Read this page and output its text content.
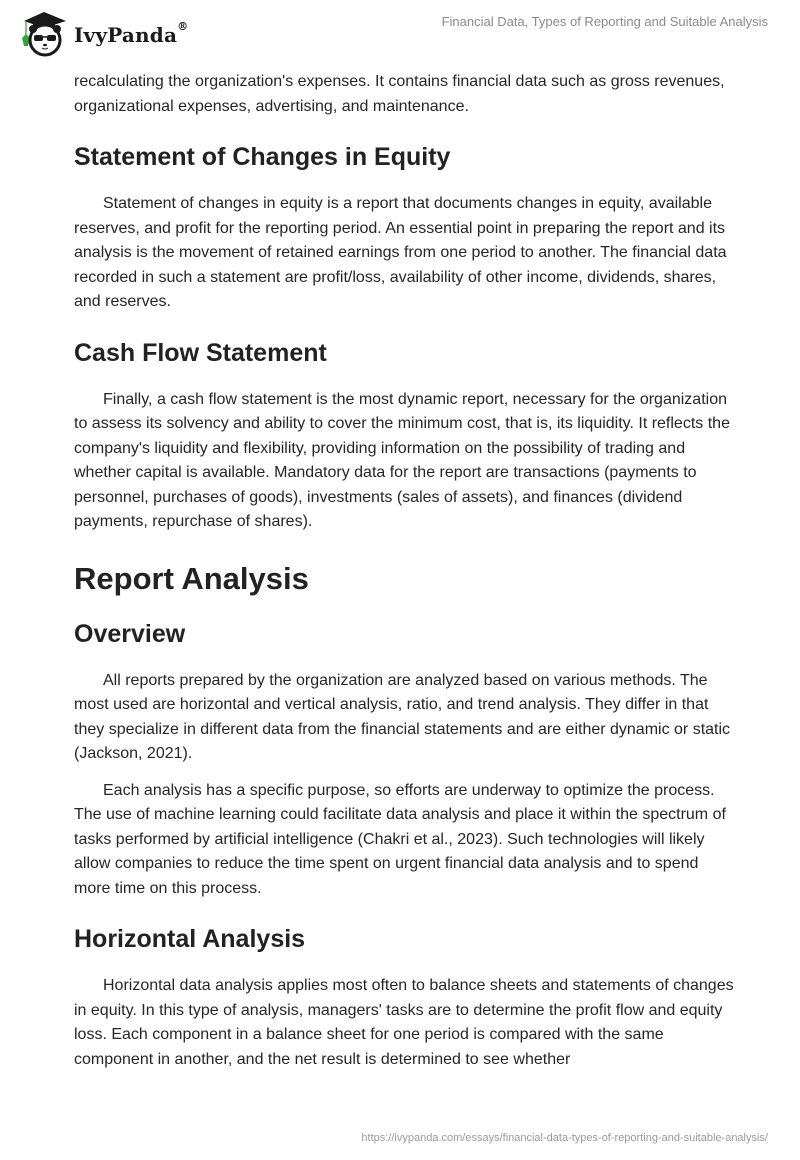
IvyPanda®	Financial Data, Types of Reporting and Suitable Analysis

recalculating the organization's expenses. It contains financial data such as gross revenues, organizational expenses, advertising, and maintenance.

Statement of Changes in Equity

Statement of changes in equity is a report that documents changes in equity, available reserves, and profit for the reporting period. An essential point in preparing the report and its analysis is the movement of retained earnings from one period to another. The financial data recorded in such a statement are profit/loss, availability of other income, dividends, shares, and reserves.

Cash Flow Statement

Finally, a cash flow statement is the most dynamic report, necessary for the organization to assess its solvency and ability to cover the minimum cost, that is, its liquidity. It reflects the company's liquidity and flexibility, providing information on the possibility of trading and whether capital is available. Mandatory data for the report are transactions (payments to personnel, purchases of goods), investments (sales of assets), and finances (dividend payments, repurchase of shares).

Report Analysis
Overview

All reports prepared by the organization are analyzed based on various methods. The most used are horizontal and vertical analysis, ratio, and trend analysis. They differ in that they specialize in different data from the financial statements and are either dynamic or static (Jackson, 2021).

Each analysis has a specific purpose, so efforts are underway to optimize the process. The use of machine learning could facilitate data analysis and place it within the spectrum of tasks performed by artificial intelligence (Chakri et al., 2023). Such technologies will likely allow companies to reduce the time spent on urgent financial data analysis and to spend more time on this process.

Horizontal Analysis

Horizontal data analysis applies most often to balance sheets and statements of changes in equity. In this type of analysis, managers' tasks are to determine the profit flow and equity loss. Each component in a balance sheet for one period is compared with the same component in another, and the net result is determined to see whether

https://ivypanda.com/essays/financial-data-types-of-reporting-and-suitable-analysis/
